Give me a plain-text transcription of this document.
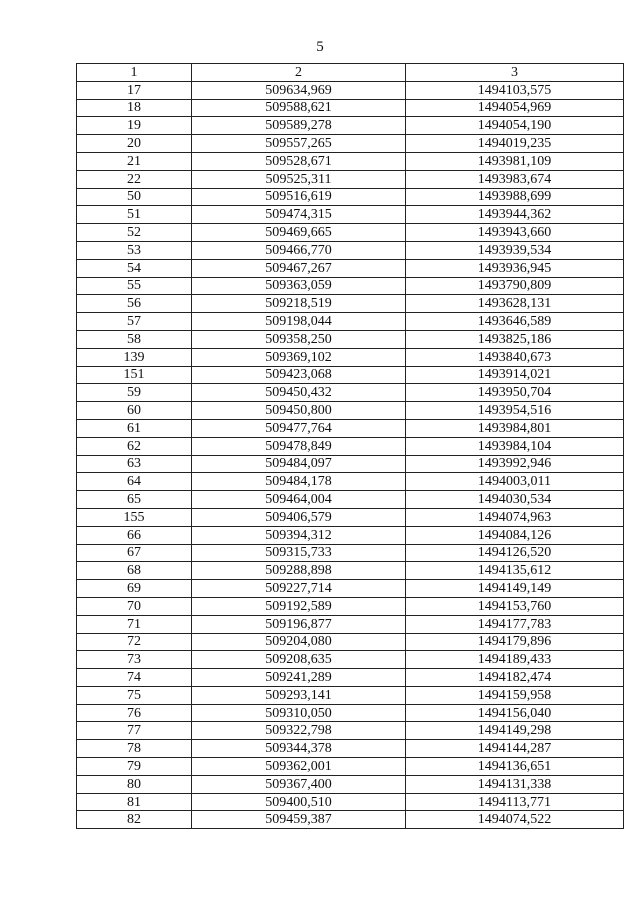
5
1	2	3
17	509634,969	1494103,575
18	509588,621	1494054,969
19	509589,278	1494054,190
20	509557,265	1494019,235
21	509528,671	1493981,109
22	509525,311	1493983,674
50	509516,619	1493988,699
51	509474,315	1493944,362
52	509469,665	1493943,660
53	509466,770	1493939,534
54	509467,267	1493936,945
55	509363,059	1493790,809
56	509218,519	1493628,131
57	509198,044	1493646,589
58	509358,250	1493825,186
139	509369,102	1493840,673
151	509423,068	1493914,021
59	509450,432	1493950,704
60	509450,800	1493954,516
61	509477,764	1493984,801
62	509478,849	1493984,104
63	509484,097	1493992,946
64	509484,178	1494003,011
65	509464,004	1494030,534
155	509406,579	1494074,963
66	509394,312	1494084,126
67	509315,733	1494126,520
68	509288,898	1494135,612
69	509227,714	1494149,149
70	509192,589	1494153,760
71	509196,877	1494177,783
72	509204,080	1494179,896
73	509208,635	1494189,433
74	509241,289	1494182,474
75	509293,141	1494159,958
76	509310,050	1494156,040
77	509322,798	1494149,298
78	509344,378	1494144,287
79	509362,001	1494136,651
80	509367,400	1494131,338
81	509400,510	1494113,771
82	509459,387	1494074,522
